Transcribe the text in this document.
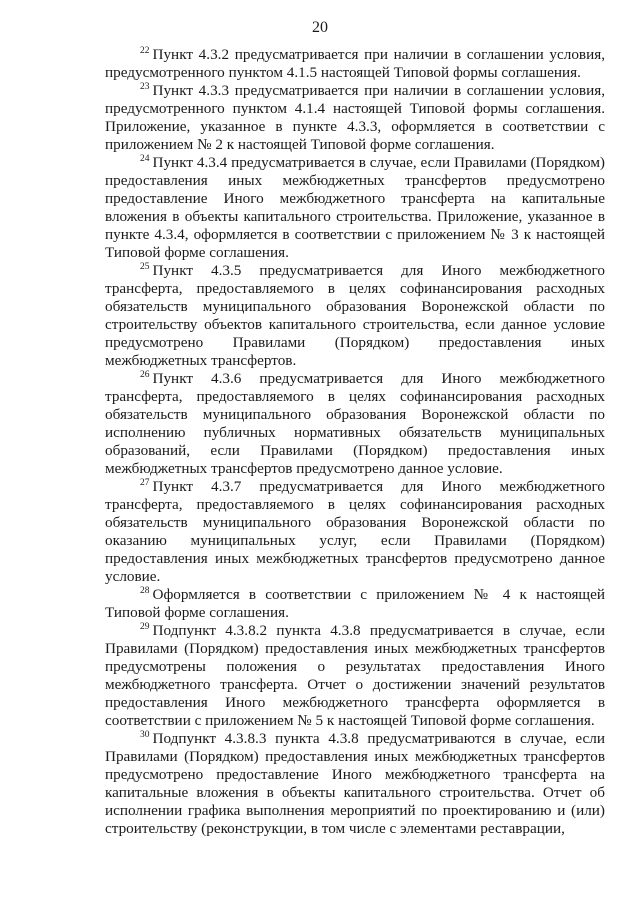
20

$^{22}$ Пункт 4.3.2 предусматривается при наличии в соглашении условия, предусмотренного пунктом 4.1.5 настоящей Типовой формы соглашения.

$^{23}$ Пункт 4.3.3 предусматривается при наличии в соглашении условия, предусмотренного пунктом 4.1.4 настоящей Типовой формы соглашения. Приложение, указанное в пункте 4.3.3, оформляется в соответствии с приложением № 2 к настоящей Типовой форме соглашения.

$^{24}$ Пункт 4.3.4 предусматривается в случае, если Правилами (Порядком) предоставления иных межбюджетных трансфертов предусмотрено предоставление Иного межбюджетного трансферта на капитальные вложения в объекты капитального строительства. Приложение, указанное в пункте 4.3.4, оформляется в соответствии с приложением № 3 к настоящей Типовой форме соглашения.

$^{25}$ Пункт 4.3.5 предусматривается для Иного межбюджетного трансферта, предоставляемого в целях софинансирования расходных обязательств муниципального образования Воронежской области по строительству объектов капитального строительства, если данное условие предусмотрено Правилами (Порядком) предоставления иных межбюджетных трансфертов.

$^{26}$ Пункт 4.3.6 предусматривается для Иного межбюджетного трансферта, предоставляемого в целях софинансирования расходных обязательств муниципального образования Воронежской области по исполнению публичных нормативных обязательств муниципальных образований, если Правилами (Порядком) предоставления иных межбюджетных трансфертов предусмотрено данное условие.

$^{27}$ Пункт 4.3.7 предусматривается для Иного межбюджетного трансферта, предоставляемого в целях софинансирования расходных обязательств муниципального образования Воронежской области по оказанию муниципальных услуг, если Правилами (Порядком) предоставления иных межбюджетных трансфертов предусмотрено данное условие.

$^{28}$ Оформляется в соответствии с приложением № 4 к настоящей Типовой форме соглашения.

$^{29}$ Подпункт 4.3.8.2 пункта 4.3.8 предусматривается в случае, если Правилами (Порядком) предоставления иных межбюджетных трансфертов предусмотрены положения о результатах предоставления Иного межбюджетного трансферта. Отчет о достижении значений результатов предоставления Иного межбюджетного трансферта оформляется в соответствии с приложением № 5 к настоящей Типовой форме соглашения.

$^{30}$ Подпункт 4.3.8.3 пункта 4.3.8 предусматриваются в случае, если Правилами (Порядком) предоставления иных межбюджетных трансфертов предусмотрено предоставление Иного межбюджетного трансферта на капитальные вложения в объекты капитального строительства. Отчет об исполнении графика выполнения мероприятий по проектированию и (или) строительству (реконструкции, в том числе с элементами реставрации,
